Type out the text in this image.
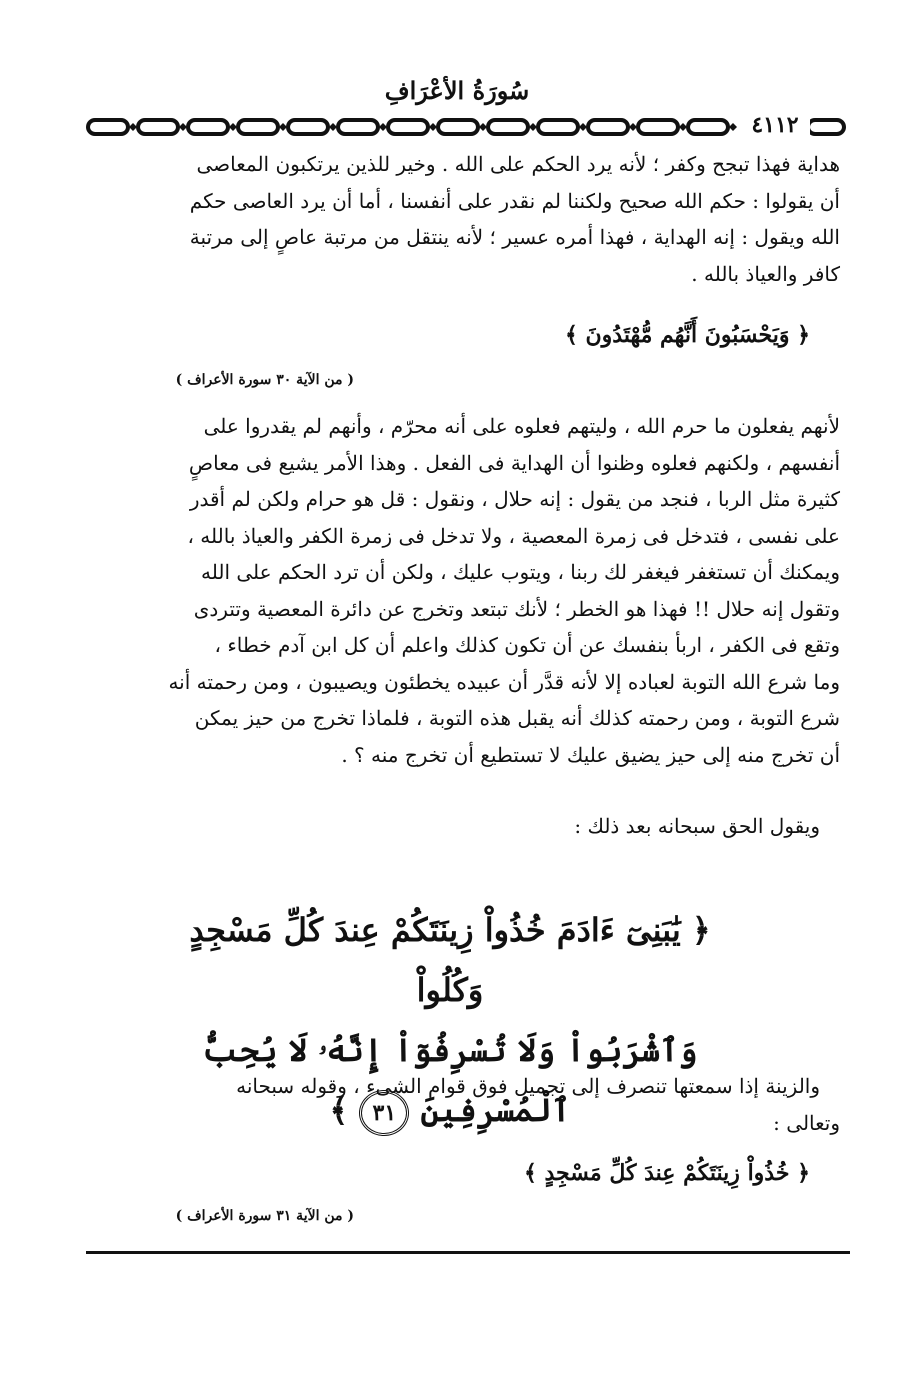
سُورَةُ الأعْرَافِ
٤١١٢

هداية فهذا تبجح وكفر ؛ لأنه يرد الحكم على الله . وخير للذين يرتكبون المعاصى

أن يقولوا : حكم الله صحيح ولكننا لم نقدر على أنفسنا ، أما أن يرد العاصى حكم

الله ويقول : إنه الهداية ، فهذا أمره عسير ؛ لأنه ينتقل من مرتبة عاصٍ إلى مرتبة

كافر والعياذ بالله .

﴿ وَيَحْسَبُونَ أَنَّهُم مُّهْتَدُونَ ﴾
( من الآية ٣٠ سورة الأعراف )

لأنهم يفعلون ما حرم الله ، وليتهم فعلوه على أنه محرّم ، وأنهم لم يقدروا على

أنفسهم ، ولكنهم فعلوه وظنوا أن الهداية فى الفعل . وهذا الأمر يشيع فى معاصٍ

كثيرة مثل الربا ، فنجد من يقول : إنه حلال ، ونقول : قل هو حرام ولكن لم أقدر

على نفسى ، فتدخل فى زمرة المعصية ، ولا تدخل فى زمرة الكفر والعياذ بالله ،

ويمكنك أن تستغفر فيغفر لك ربنا ، ويتوب عليك ، ولكن أن ترد الحكم على الله

وتقول إنه حلال !! فهذا هو الخطر ؛ لأنك تبتعد وتخرج عن دائرة المعصية وتتردى

وتقع فى الكفر ، اربأ بنفسك عن أن تكون كذلك واعلم أن كل ابن آدم خطاء ،

وما شرع الله التوبة لعباده إلا لأنه قدَّر أن عبيده يخطئون ويصيبون ، ومن رحمته أنه

شرع التوبة ، ومن رحمته كذلك أنه يقبل هذه التوبة ، فلماذا تخرج من حيز يمكن

أن تخرج منه إلى حيز يضيق عليك لا تستطيع أن تخرج منه ؟ .

ويقول الحق سبحانه بعد ذلك :
﴿ يَٰبَنِىٓ ءَادَمَ خُذُواْ زِينَتَكُمْ عِندَ كُلِّ مَسْجِدٍ وَكُلُواْ
وَٱشْرَبُواْ وَلَا تُسْرِفُوٓاْ إِنَّهُۥ لَا يُحِبُّ ٱلْمُسْرِفِينَ ٣١ ﴾

والزينة إذا سمعتها تنصرف إلى تجميل فوق قوام الشىء ، وقوله سبحانه

وتعالى :

﴿ خُذُواْ زِينَتَكُمْ عِندَ كُلِّ مَسْجِدٍ ﴾
( من الآية ٣١ سورة الأعراف )
